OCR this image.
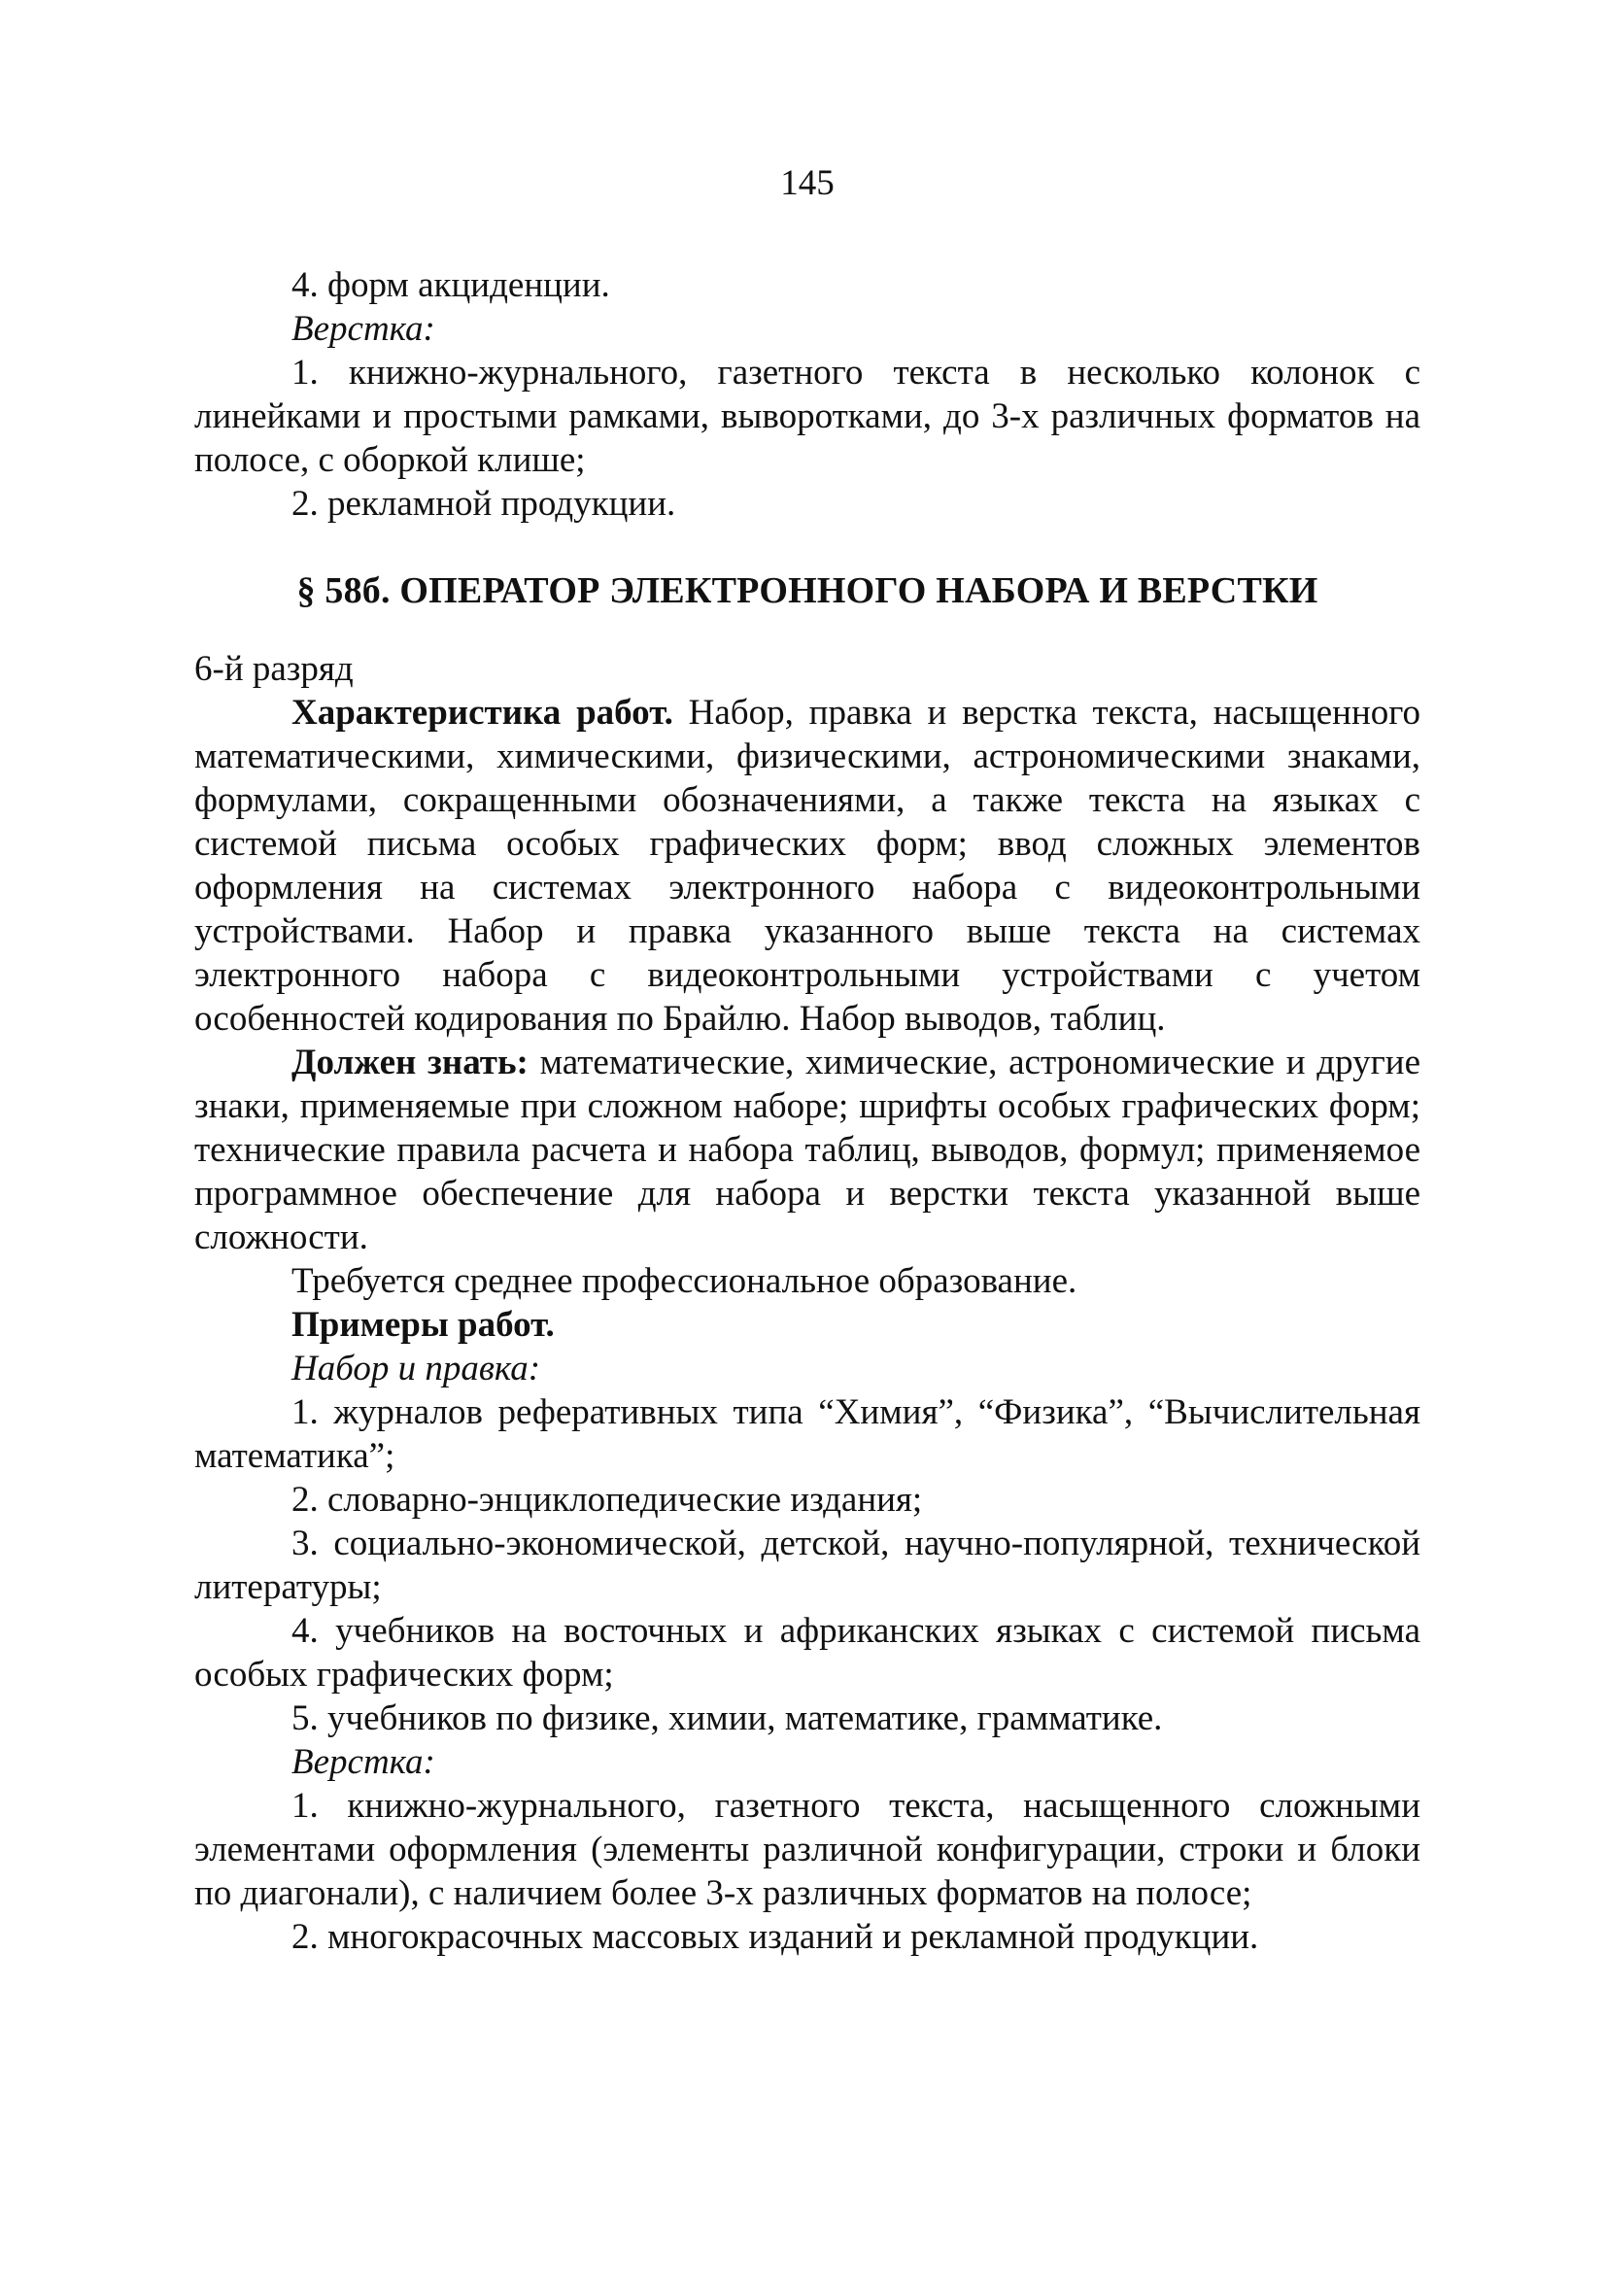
145

4. форм акциденции.

Верстка:

1. книжно-журнального, газетного текста в несколько колонок с линейками и простыми рамками, выворотками, до 3-х различных форматов на полосе, с оборкой клише;

2. рекламной продукции.

§ 58б. ОПЕРАТОР ЭЛЕКТРОННОГО НАБОРА И ВЕРСТКИ

6-й разряд

Характеристика работ. Набор, правка и верстка текста, насыщенного математическими, химическими, физическими, астрономическими знаками, формулами, сокращенными обозначениями, а также текста на языках с системой письма особых графических форм; ввод сложных элементов оформления на системах электронного набора с видеоконтрольными устройствами. Набор и правка указанного выше текста на системах электронного набора с видеоконтрольными устройствами с учетом особенностей кодирования по Брайлю. Набор выводов, таблиц.

Должен знать: математические, химические, астрономические и другие знаки, применяемые при сложном наборе; шрифты особых графических форм; технические правила расчета и набора таблиц, выводов, формул; применяемое программное обеспечение для набора и верстки текста указанной выше сложности.

Требуется среднее профессиональное образование.

Примеры работ.

Набор и правка:

1. журналов реферативных типа “Химия”, “Физика”, “Вычислительная математика”;

2. словарно-энциклопедические издания;

3. социально-экономической, детской, научно-популярной, технической литературы;

4. учебников на восточных и африканских языках с системой письма особых графических форм;

5. учебников по физике, химии, математике, грамматике.

Верстка:

1. книжно-журнального, газетного текста, насыщенного сложными элементами оформления (элементы различной конфигурации, строки и блоки по диагонали), с наличием более 3-х различных форматов на полосе;

2. многокрасочных массовых изданий и рекламной продукции.
